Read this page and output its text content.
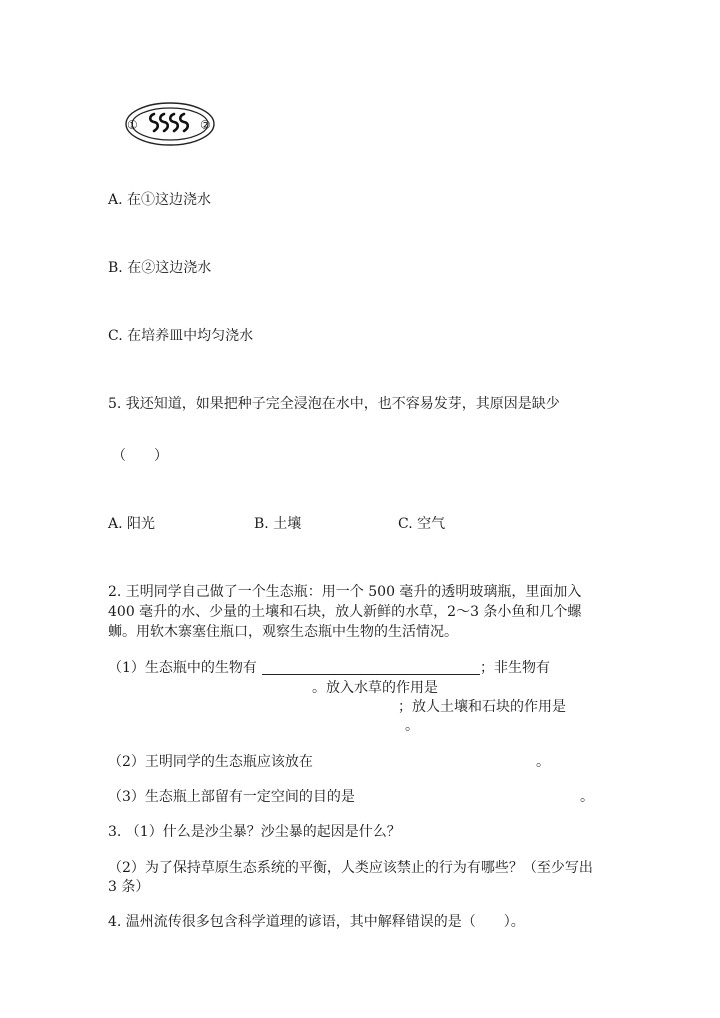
①	②
A. 在①这边浇水
B. 在②这边浇水
C. 在培养皿中均匀浇水
5. 我还知道，如果把种子完全浸泡在水中，也不容易发芽，其原因是缺少
（　　）
A. 阳光	B. 土壤	C. 空气
2. 王明同学自己做了一个生态瓶：用一个 500 毫升的透明玻璃瓶，里面加入
400 毫升的水、少量的土壤和石块，放人新鲜的水草，2～3 条小鱼和几个螺
蛳。用软木寨塞住瓶口，观察生态瓶中生物的生活情况。
（1）生态瓶中的生物有	；非生物有
。放入水草的作用是
；放人土壤和石块的作用是
。
（2）王明同学的生态瓶应该放在	。
（3）生态瓶上部留有一定空间的目的是	。
3. （1）什么是沙尘暴？沙尘暴的起因是什么？
（2）为了保持草原生态系统的平衡，人类应该禁止的行为有哪些？（至少写出
3 条）
4. 温州流传很多包含科学道理的谚语，其中解释错误的是（　　）。
